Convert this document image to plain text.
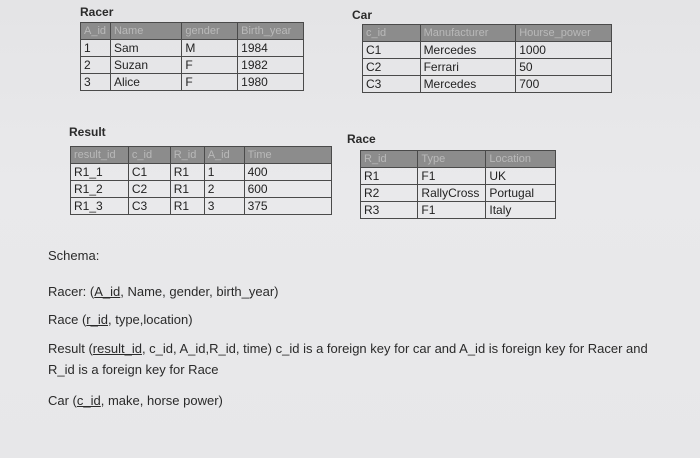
Racer
A_id	Name	gender	Birth_year
1	Sam	M	1984
2	Suzan	F	1982
3	Alice	F	1980
Car
c_id	Manufacturer	Hourse_power
C1	Mercedes	1000
C2	Ferrari	50
C3	Mercedes	700
Result
result_id	c_id	R_id	A_id	Time
R1_1	C1	R1	1	400
R1_2	C2	R1	2	600
R1_3	C3	R1	3	375
Race
R_id	Type	Location
R1	F1	UK
R2	RallyCross	Portugal
R3	F1	Italy
Schema:
Racer: (A_id, Name, gender, birth_year)
Race (r_id, type,location)
Result (result_id, c_id, A_id,R_id, time) c_id is a foreign key for car and A_id is foreign key for Racer and
R_id is a foreign key for Race
Car (c_id, make, horse power)
